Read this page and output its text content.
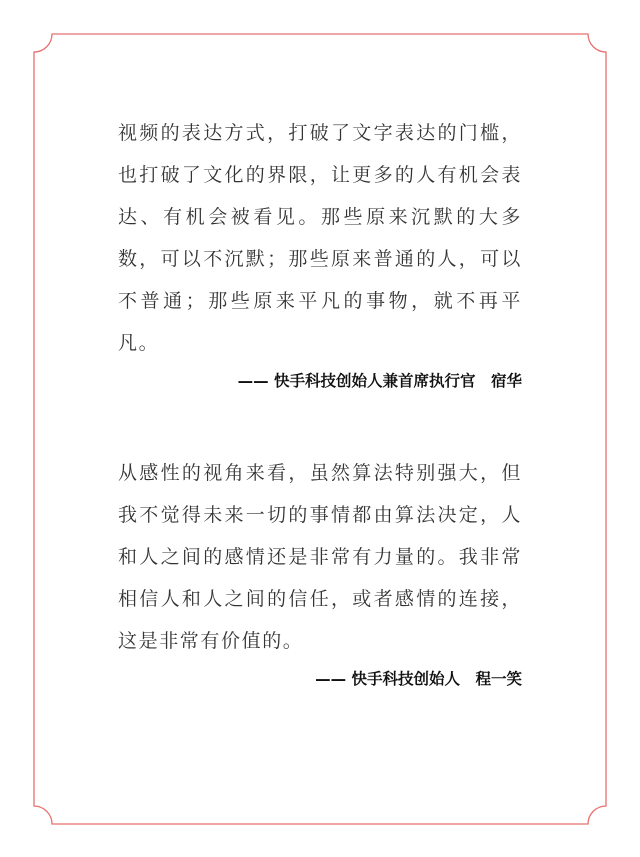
视频的表达方式，打破了文字表达的门槛，也打破了文化的界限，让更多的人有机会表达、有机会被看见。那些原来沉默的大多数，可以不沉默；那些原来普通的人，可以不普通；那些原来平凡的事物，就不再平凡。

—— 快手科技创始人兼首席执行官　宿华

从感性的视角来看，虽然算法特别强大，但我不觉得未来一切的事情都由算法决定，人和人之间的感情还是非常有力量的。我非常相信人和人之间的信任，或者感情的连接，这是非常有价值的。

—— 快手科技创始人　程一笑
